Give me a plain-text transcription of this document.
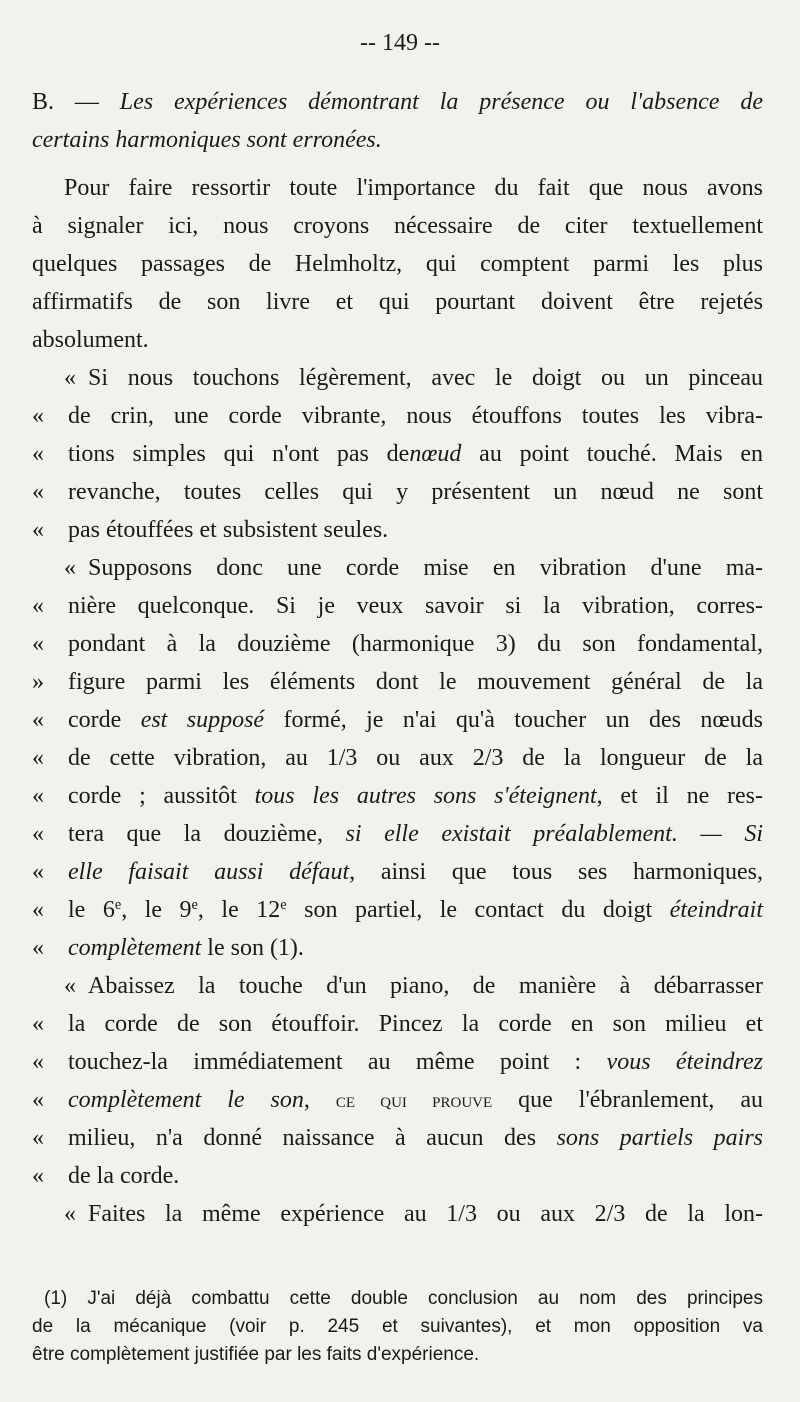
-- 149 --
B. — Les expériences démontrant la présence ou l'absence de
certains harmoniques sont erronées.
Pour faire ressortir toute l'importance du fait que nous avons
à signaler ici, nous croyons nécessaire de citer textuellement
quelques passages de Helmholtz, qui comptent parmi les plus
affirmatifs de son livre et qui pourtant doivent être rejetés
absolument.
« Si nous touchons légèrement, avec le doigt ou un pinceau
« de crin, une corde vibrante, nous étouffons toutes les vibra-
« tions simples qui n'ont pas denœud au point touché. Mais en
« revanche, toutes celles qui y présentent un nœud ne sont
« pas étouffées et subsistent seules.
« Supposons donc une corde mise en vibration d'une ma-
« nière quelconque. Si je veux savoir si la vibration, corres-
« pondant à la douzième (harmonique 3) du son fondamental,
» figure parmi les éléments dont le mouvement général de la
« corde est supposé formé, je n'ai qu'à toucher un des nœuds
« de cette vibration, au 1/3 ou aux 2/3 de la longueur de la
« corde ; aussitôt tous les autres sons s'éteignent, et il ne res-
« tera que la douzième, si elle existait préalablement. — Si
« elle faisait aussi défaut, ainsi que tous ses harmoniques,
« le 6e, le 9e, le 12e son partiel, le contact du doigt éteindrait
« complètement le son (1).
« Abaissez la touche d'un piano, de manière à débarrasser
« la corde de son étouffoir. Pincez la corde en son milieu et
« touchez-la immédiatement au même point : vous éteindrez
« complètement le son, ce qui prouve que l'ébranlement, au
« milieu, n'a donné naissance à aucun des sons partiels pairs
« de la corde.
« Faites la même expérience au 1/3 ou aux 2/3 de la lon-
(1) J'ai déjà combattu cette double conclusion au nom des principes
de la mécanique (voir p. 245 et suivantes), et mon opposition va
être complètement justifiée par les faits d'expérience.
